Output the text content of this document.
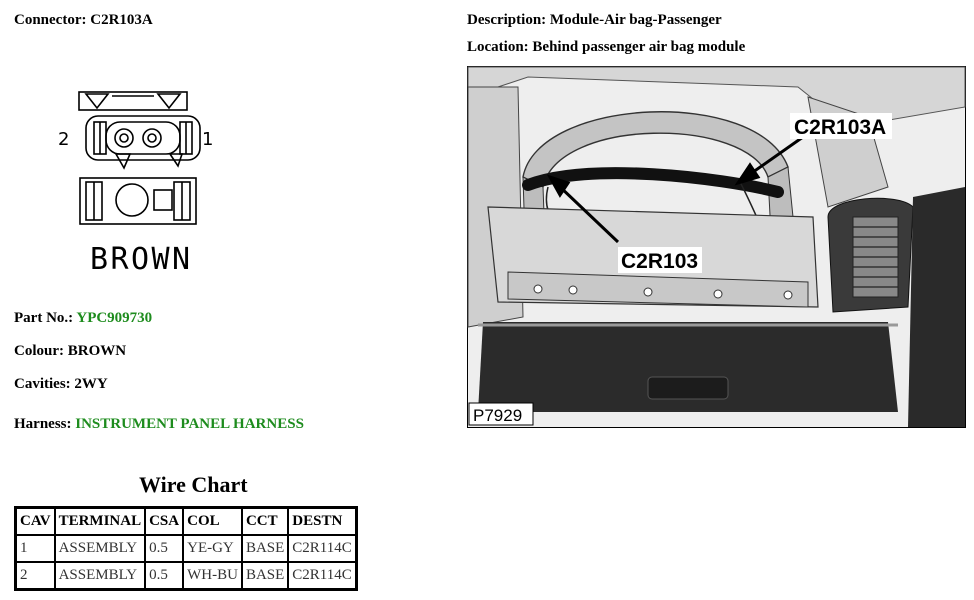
Connector: C2R103A
2	1
BROWN
Part No.: YPC909730
Colour: BROWN
Cavities: 2WY
Harness: INSTRUMENT PANEL HARNESS
Description: Module-Air bag-Passenger
Location: Behind passenger air bag module
C2R103A
C2R103
P7929
Wire Chart
CAV	TERMINAL	CSA	COL	CCT	DESTN
1	ASSEMBLY	0.5	YE-GY	BASE	C2R114C
2	ASSEMBLY	0.5	WH-BU	BASE	C2R114C
